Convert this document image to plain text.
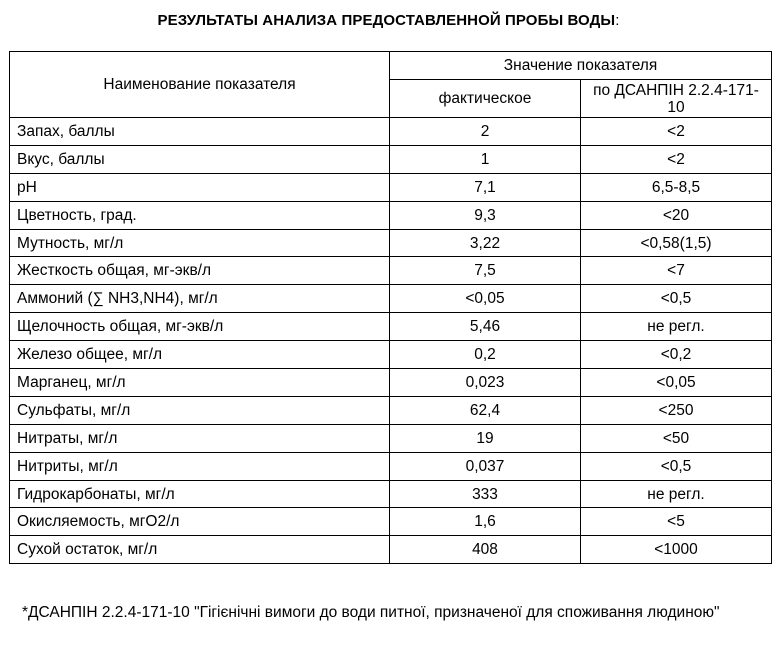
РЕЗУЛЬТАТЫ АНАЛИЗА ПРЕДОСТАВЛЕННОЙ ПРОБЫ ВОДЫ:
Наименование показателя	Значение показателя	
	фактическое	по ДСАНПІН 2.2.4-171-10
Запах, баллы	2	<2
Вкус, баллы	1	<2
pH	7,1	6,5-8,5
Цветность, град.	9,3	<20
Мутность, мг/л	3,22	<0,58(1,5)
Жесткость общая, мг-экв/л	7,5	<7
Аммоний (∑ NH3,NH4), мг/л	<0,05	<0,5
Щелочность общая, мг-экв/л	5,46	не регл.
Железо общее, мг/л	0,2	<0,2
Марганец, мг/л	0,023	<0,05
Сульфаты, мг/л	62,4	<250
Нитраты, мг/л	19	<50
Нитриты, мг/л	0,037	<0,5
Гидрокарбонаты, мг/л	333	не регл.
Окисляемость, мгО2/л	1,6	<5
Сухой остаток, мг/л	408	<1000
*ДСАНПІН 2.2.4-171-10 "Гігієнічні вимоги до води питної, призначеної для споживання людиною"
